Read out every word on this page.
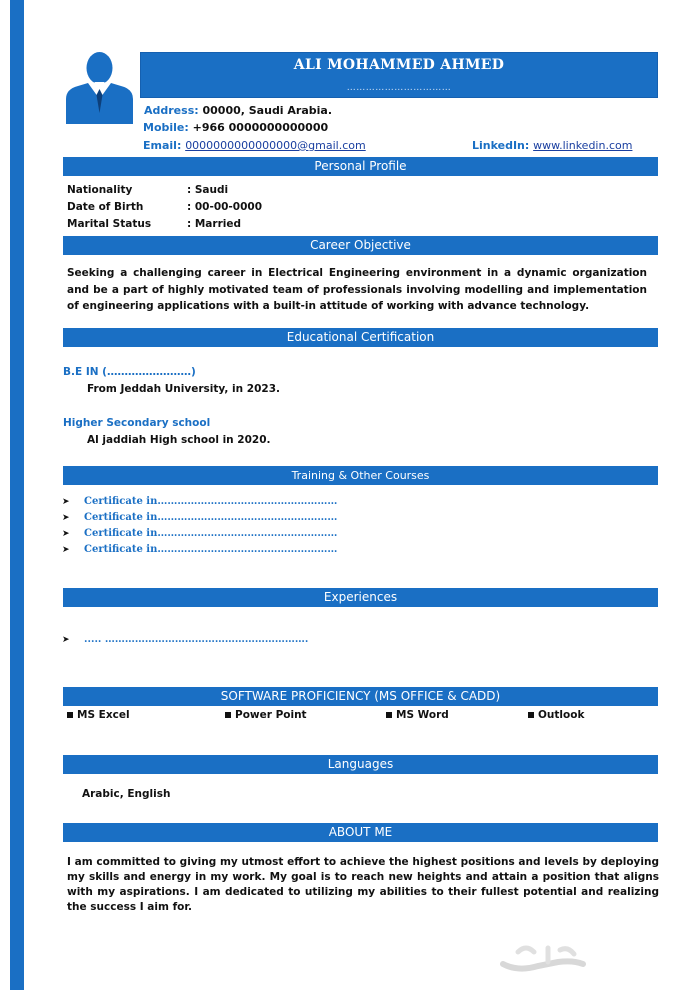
ALI MOHAMMED AHMED
……………………………
Address: 00000, Saudi Arabia.
Mobile: +966 0000000000000
Email: 0000000000000000@gmail.com	LinkedIn: www.linkedin.com
Personal Profile
Nationality	: Saudi
Date of Birth	: 00-00-0000
Marital Status	: Married
Career Objective
Seeking a challenging career in Electrical Engineering environment in a dynamic organization and be a part of highly motivated team of professionals involving modelling and implementation of engineering applications with a built-in attitude of working with advance technology.
Educational Certification
B.E IN (……………………)
From Jeddah University, in 2023.
Higher Secondary school
Al jaddiah High school in 2020.
Training & Other Courses
➤ Certificate in………………………………………………
➤ Certificate in………………………………………………
➤ Certificate in………………………………………………
➤ Certificate in………………………………………………
Experiences
➤ ..... …………………………………………………….
SOFTWARE PROFICIENCY (MS OFFICE & CADD)
MS Excel	Power Point	MS Word	Outlook
Languages
Arabic, English
ABOUT ME
I am committed to giving my utmost effort to achieve the highest positions and levels by deploying my skills and energy in my work. My goal is to reach new heights and attain a position that aligns with my aspirations. I am dedicated to utilizing my abilities to their fullest potential and realizing the success I aim for.
